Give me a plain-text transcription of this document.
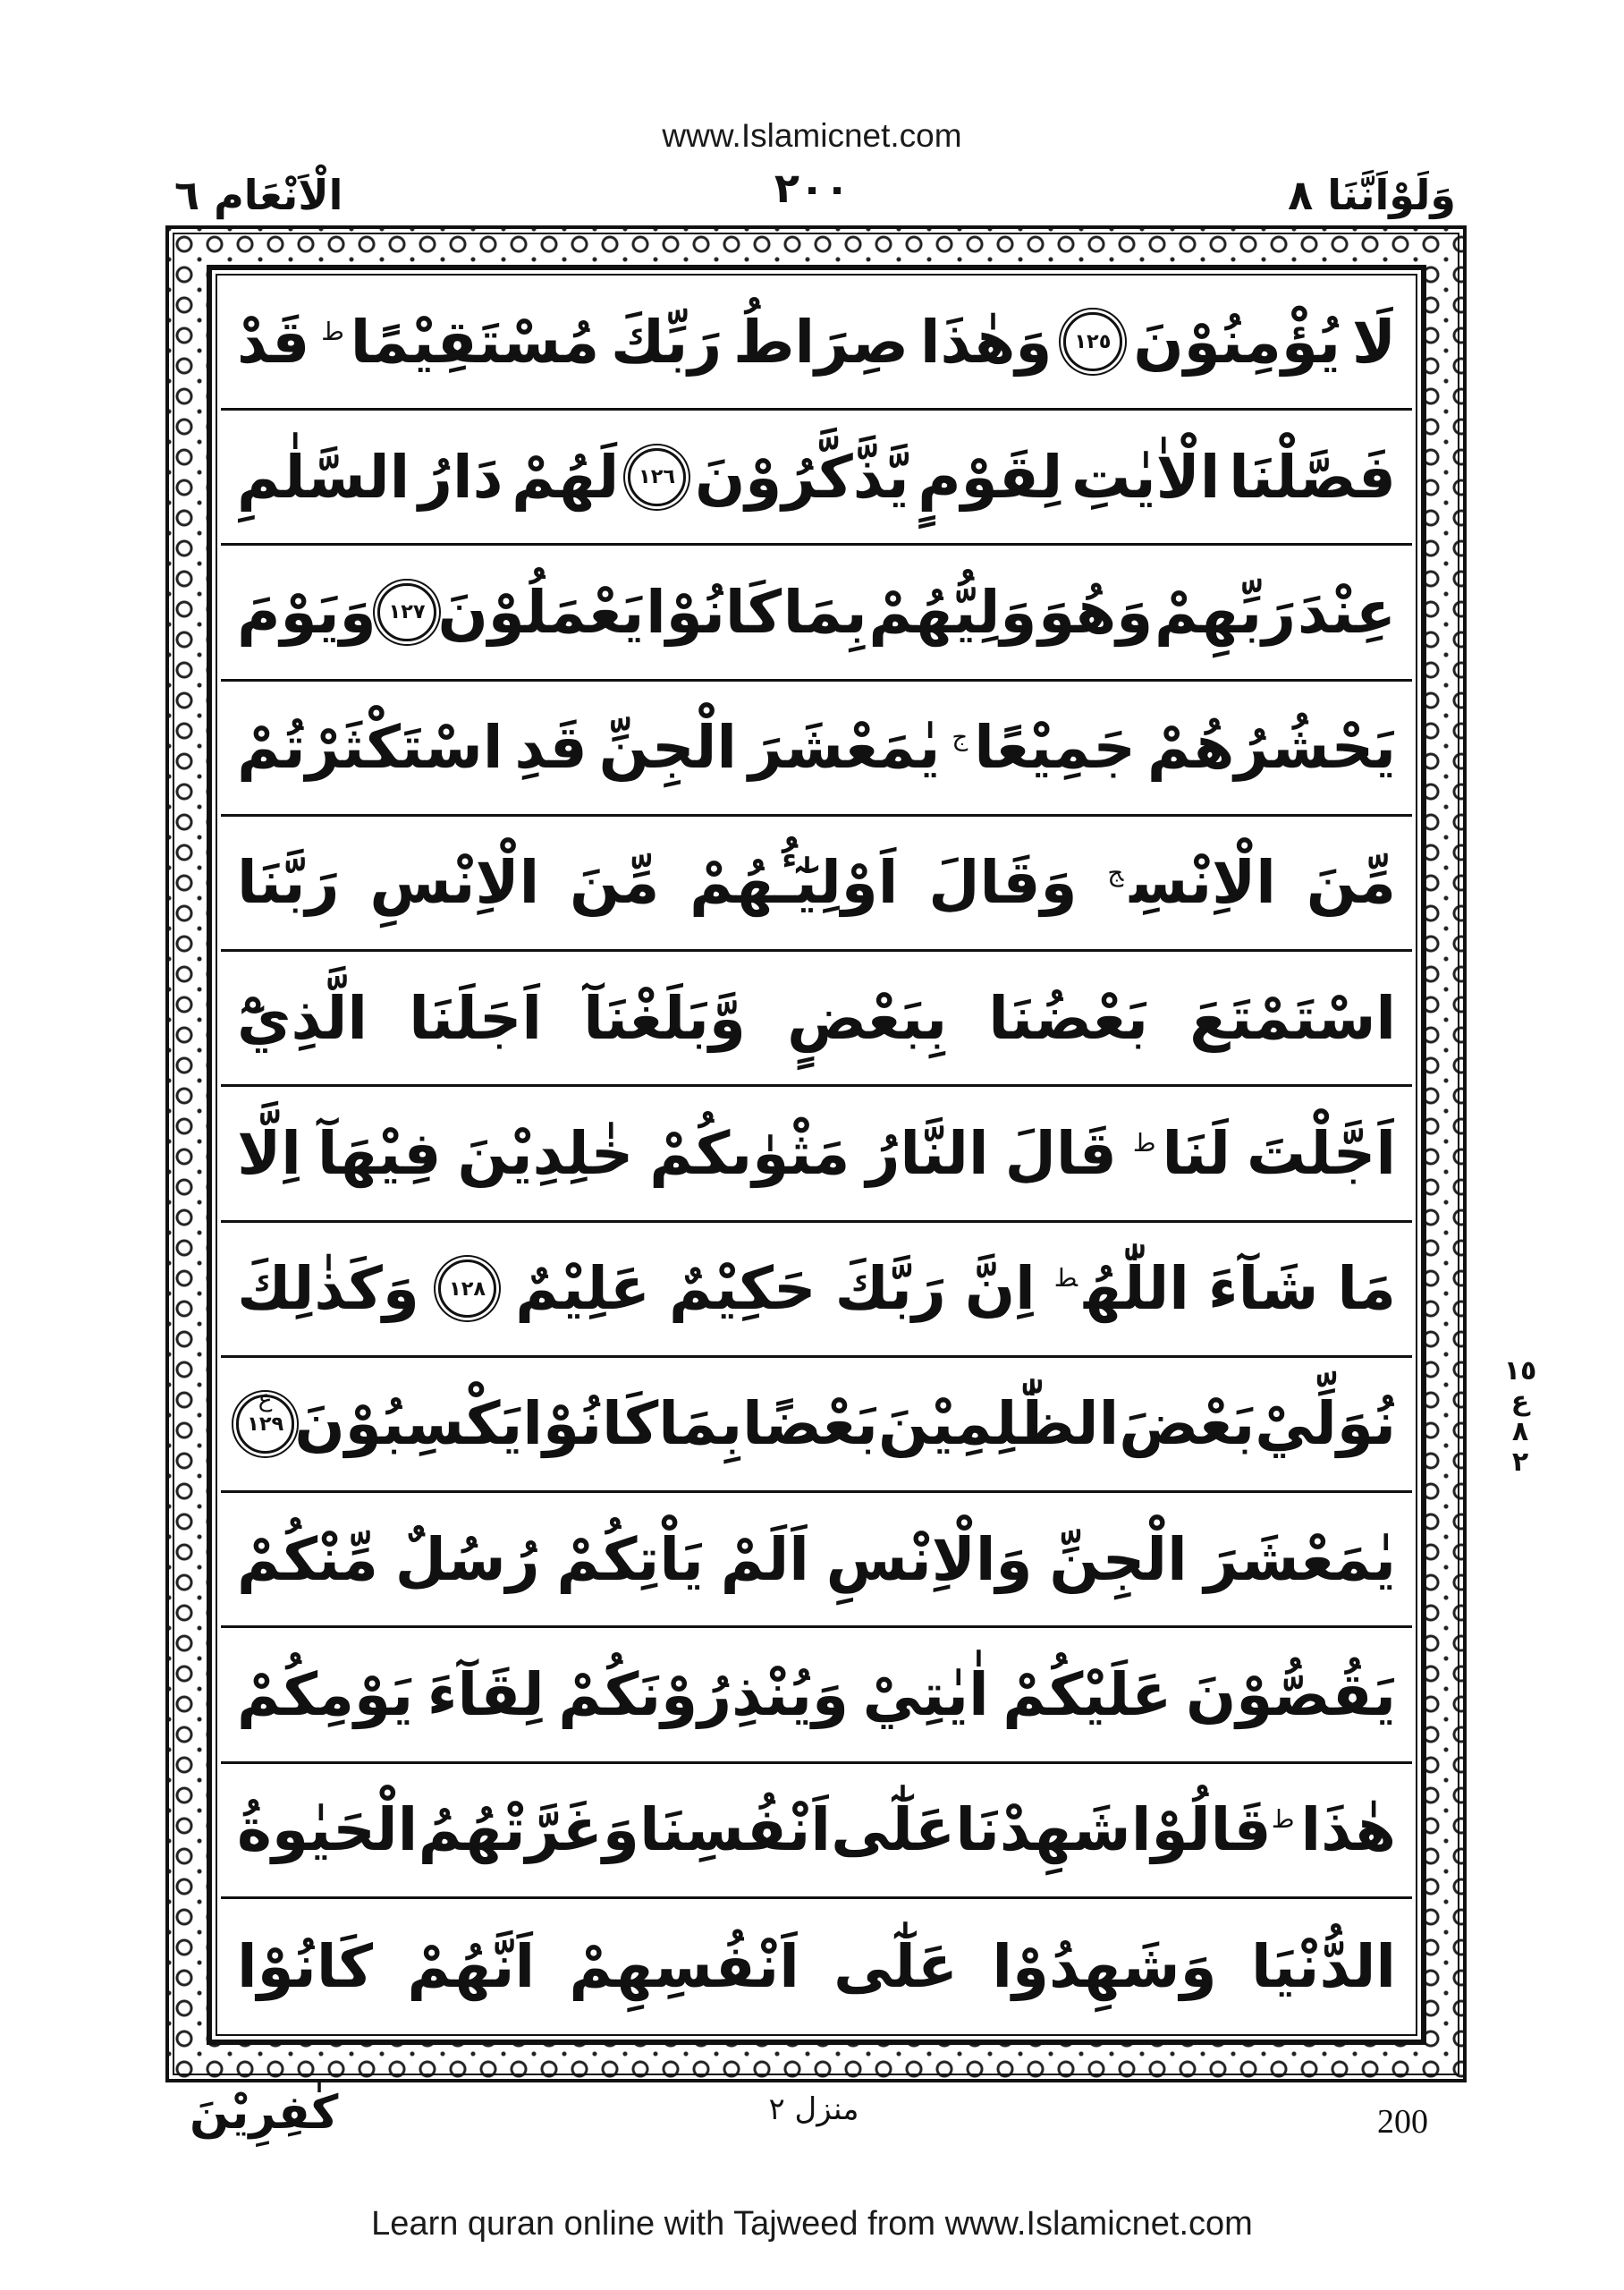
www.Islamicnet.com
وَلَوْاَنَّنَا ٨
٢٠٠
الْاَنْعَام ٦
لَا
يُؤْمِنُوْنَ
١٢٥
وَهٰذَا
صِرَاطُ
رَبِّكَ
مُسْتَقِيْمًا$^ط$
قَدْ
فَصَّلْنَا
الْاٰيٰتِ
لِقَوْمٍ
يَّذَّكَّرُوْنَ
١٢٦
لَهُمْ
دَارُ
السَّلٰمِ
عِنْدَ
رَبِّهِمْ
وَهُوَ
وَلِيُّهُمْ
بِمَا
كَانُوْا
يَعْمَلُوْنَ
١٢٧
وَيَوْمَ
يَحْشُرُهُمْ
جَمِيْعًا$^ج$
يٰمَعْشَرَ
الْجِنِّ
قَدِ
اسْتَكْثَرْتُمْ
مِّنَ
الْاِنْسِ$^ج$
وَقَالَ
اَوْلِيٰٓـُٔهُمْ
مِّنَ
الْاِنْسِ
رَبَّنَا
اسْتَمْتَعَ
بَعْضُنَا
بِبَعْضٍ
وَّبَلَغْنَآ
اَجَلَنَا
الَّذِيْٓ
اَجَّلْتَ
لَنَا$^ط$
قَالَ
النَّارُ
مَثْوٰىكُمْ
خٰلِدِيْنَ
فِيْهَآ
اِلَّا
مَا
شَآءَ
اللّٰهُ$^ط$
اِنَّ
رَبَّكَ
حَكِيْمٌ
عَلِيْمٌ
١٢٨
وَكَذٰلِكَ
نُوَلِّيْ
بَعْضَ
الظّٰلِمِيْنَ
بَعْضًا
بِمَا
كَانُوْا
يَكْسِبُوْنَ
١٢٩
ع
يٰمَعْشَرَ
الْجِنِّ
وَالْاِنْسِ
اَلَمْ
يَاْتِكُمْ
رُسُلٌ
مِّنْكُمْ
يَقُصُّوْنَ
عَلَيْكُمْ
اٰيٰتِيْ
وَيُنْذِرُوْنَكُمْ
لِقَآءَ
يَوْمِكُمْ
هٰذَا$^ط$
قَالُوْا
شَهِدْنَا
عَلٰٓى
اَنْفُسِنَا
وَغَرَّتْهُمُ
الْحَيٰوةُ
الدُّنْيَا
وَشَهِدُوْا
عَلٰٓى
اَنْفُسِهِمْ
اَنَّهُمْ
كَانُوْا
١٥
ع
٨
٢
كٰفِرِيْنَ	منزل ٢	200
Learn quran online with Tajweed from www.Islamicnet.com
